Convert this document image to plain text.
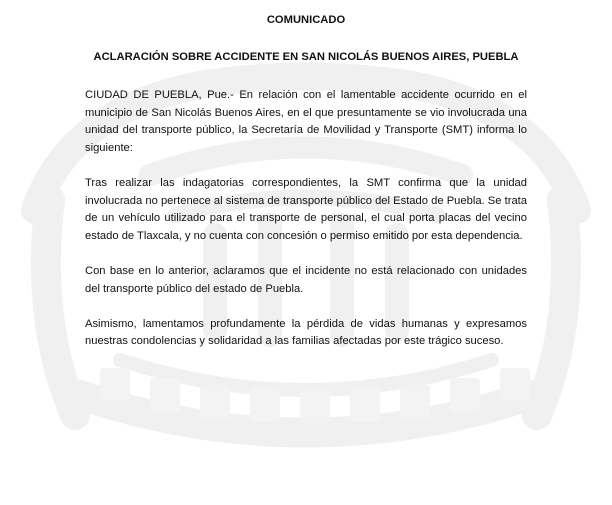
COMUNICADO

ACLARACIÓN SOBRE ACCIDENTE EN SAN NICOLÁS BUENOS AIRES, PUEBLA

CIUDAD DE PUEBLA, Pue.- En relación con el lamentable accidente ocurrido en el municipio de San Nicolás Buenos Aires, en el que presuntamente se vio involucrada una unidad del transporte público, la Secretaría de Movilidad y Transporte (SMT) informa lo siguiente:

Tras realizar las indagatorias correspondientes, la SMT confirma que la unidad involucrada no pertenece al sistema de transporte público del Estado de Puebla. Se trata de un vehículo utilizado para el transporte de personal, el cual porta placas del vecino estado de Tlaxcala, y no cuenta con concesión o permiso emitido por esta dependencia.

Con base en lo anterior, aclaramos que el incidente no está relacionado con unidades del transporte público del estado de Puebla.

Asimismo, lamentamos profundamente la pérdida de vidas humanas y expresamos nuestras condolencias y solidaridad a las familias afectadas por este trágico suceso.
